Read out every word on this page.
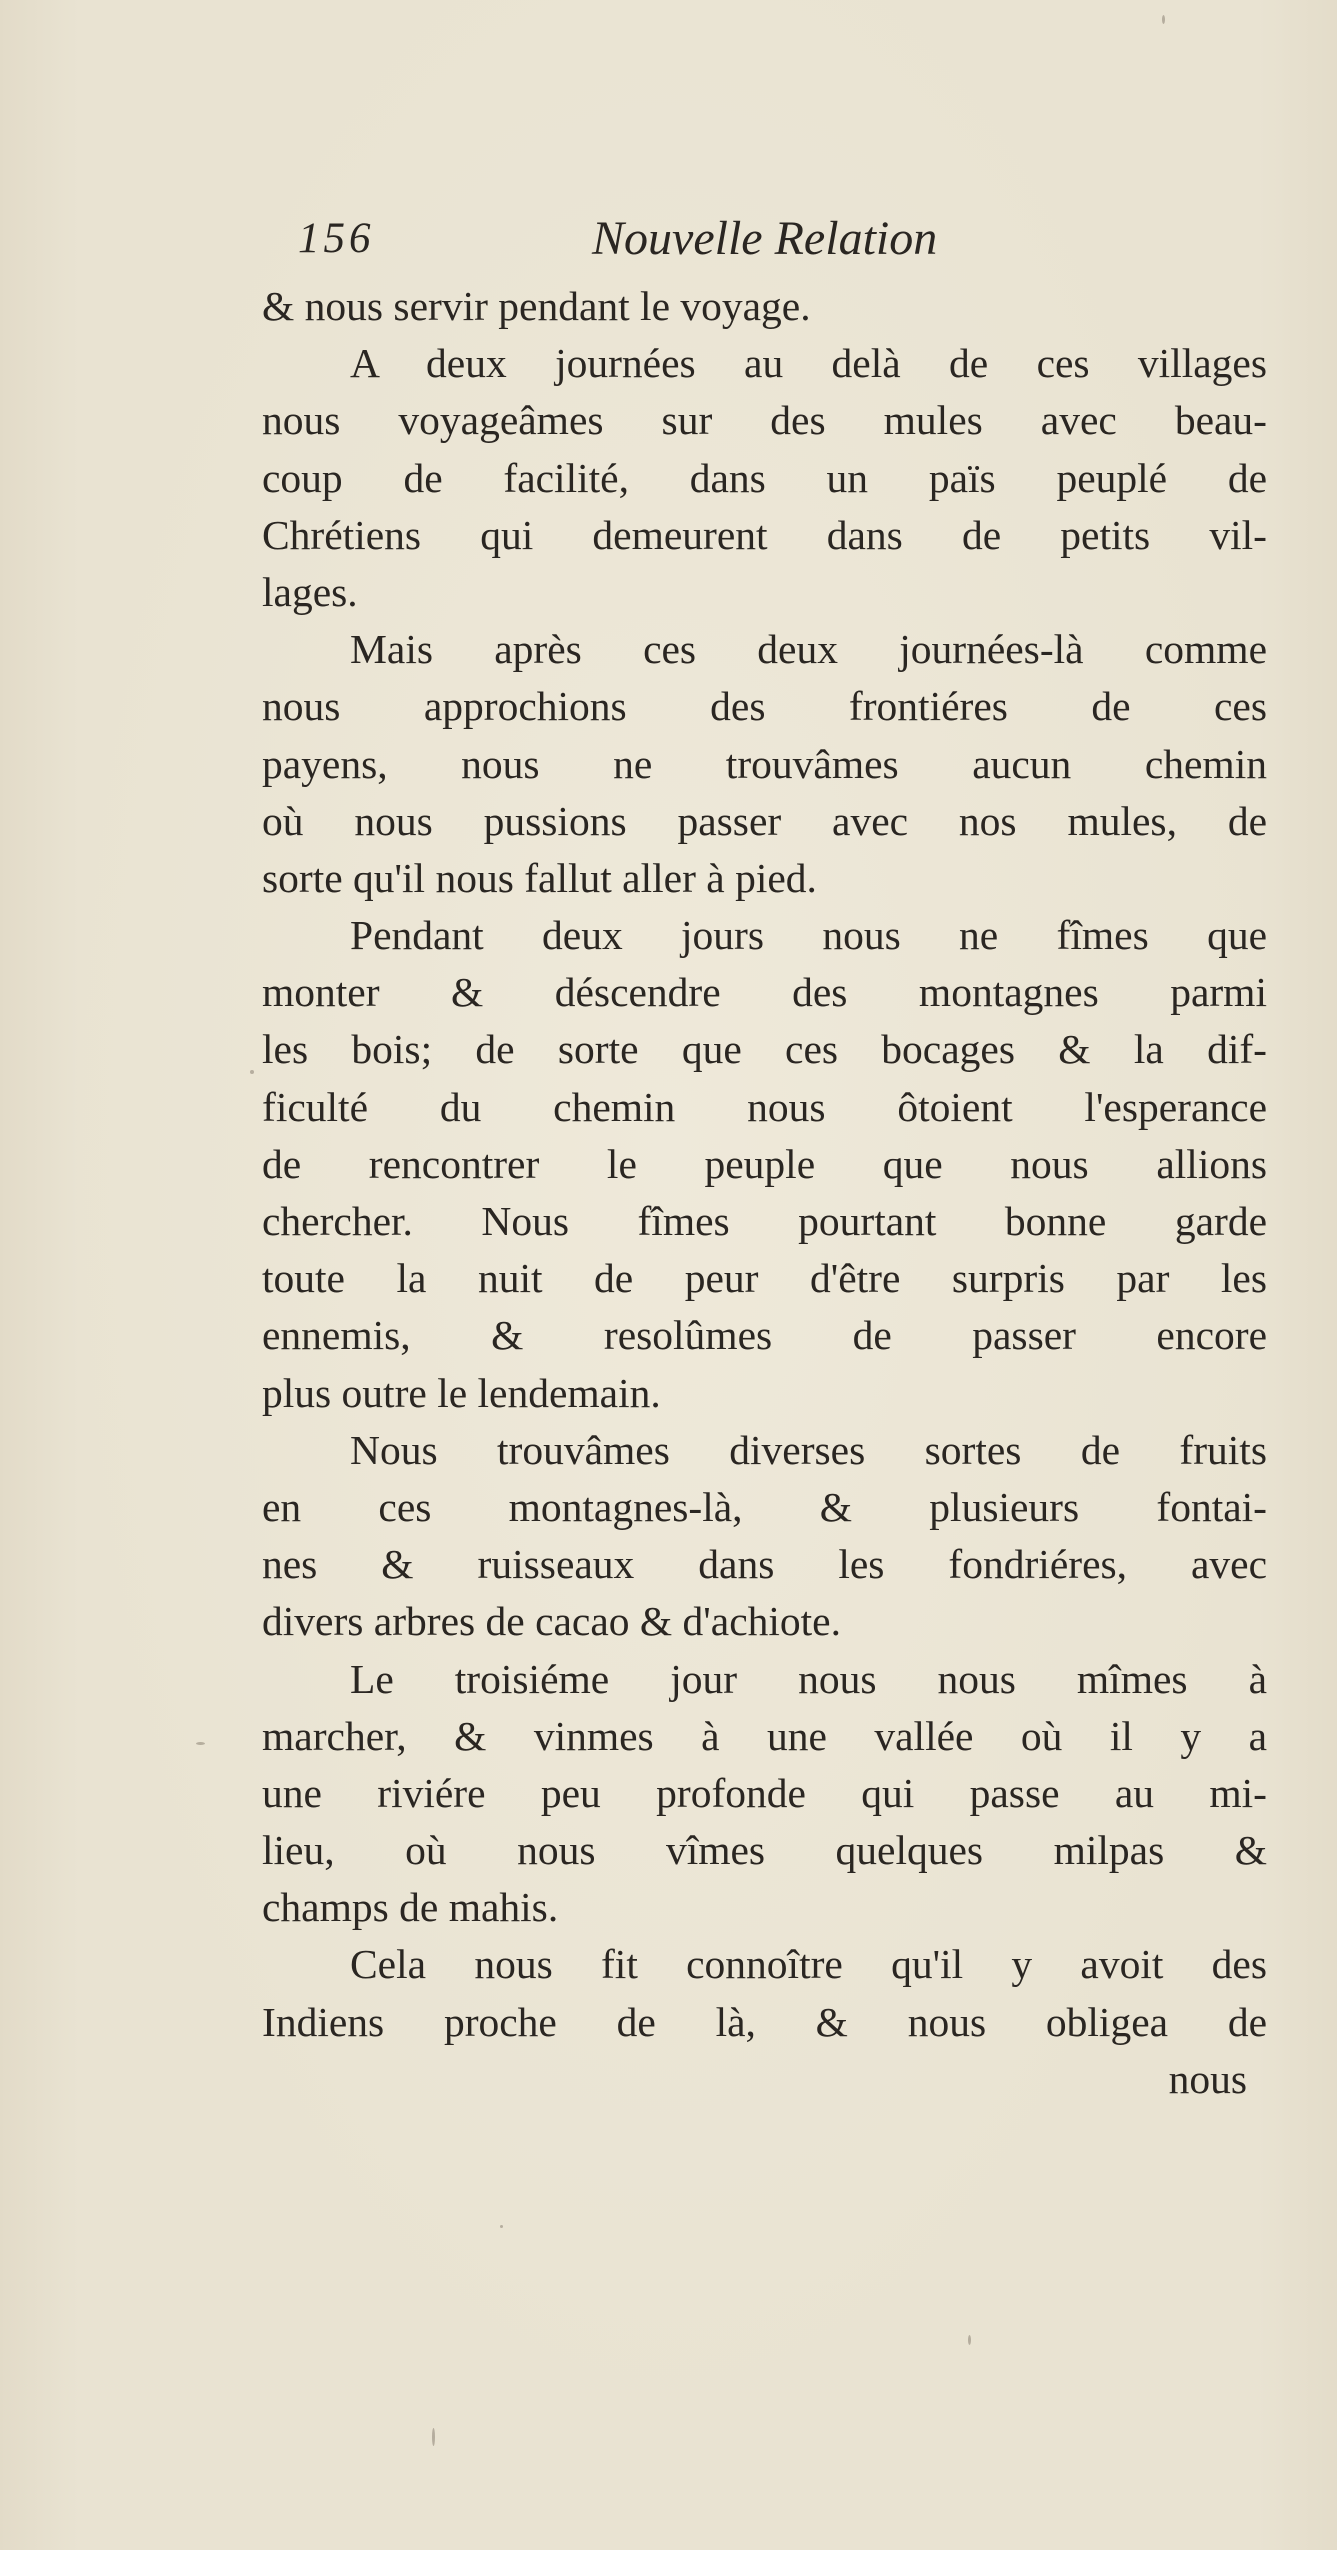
156	Nouvelle Relation
& nous servir pendant le voyage.
A deux journées au delà de ces villages
nous voyageâmes sur des mules avec beau-
coup de facilité, dans un païs peuplé de
Chrétiens qui demeurent dans de petits vil-
lages.
Mais après ces deux journées-là comme
nous approchions des frontiéres de ces
payens, nous ne trouvâmes aucun chemin
où nous pussions passer avec nos mules, de
sorte qu'il nous fallut aller à pied.
Pendant deux jours nous ne fîmes que
monter & déscendre des montagnes parmi
les bois; de sorte que ces bocages & la dif-
ficulté du chemin nous ôtoient l'esperance
de rencontrer le peuple que nous allions
chercher. Nous fîmes pourtant bonne garde
toute la nuit de peur d'être surpris par les
ennemis, & resolûmes de passer encore
plus outre le lendemain.
Nous trouvâmes diverses sortes de fruits
en ces montagnes-là, & plusieurs fontai-
nes & ruisseaux dans les fondriéres, avec
divers arbres de cacao & d'achiote.
Le troisiéme jour nous nous mîmes à
marcher, & vinmes à une vallée où il y a
une riviére peu profonde qui passe au mi-
lieu, où nous vîmes quelques milpas &
champs de mahis.
Cela nous fit connoître qu'il y avoit des
Indiens proche de là, & nous obligea de
nous
